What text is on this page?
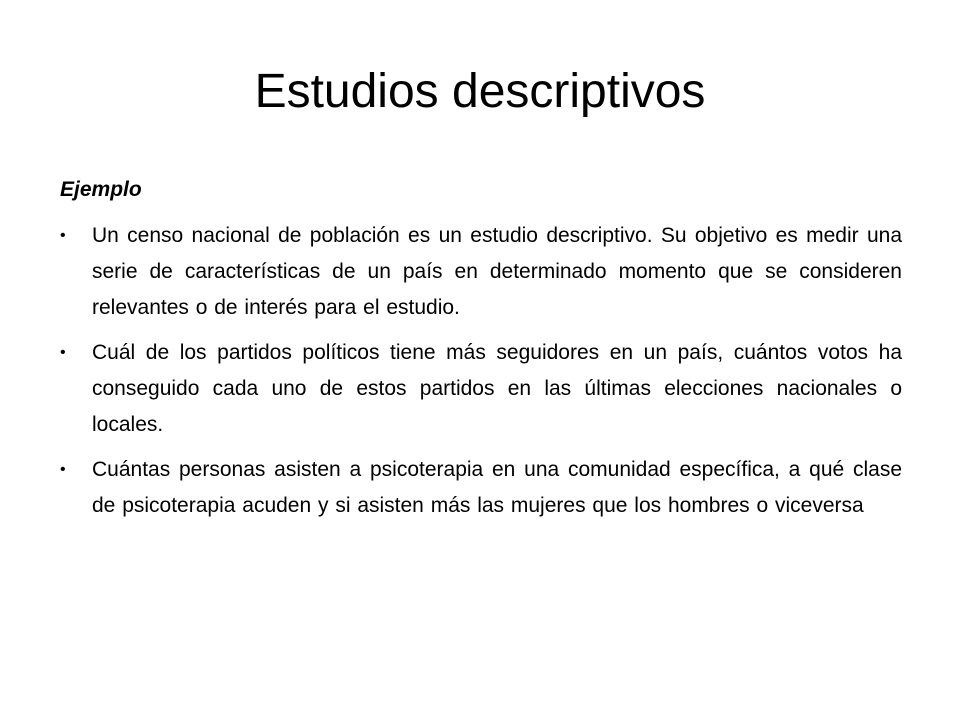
Estudios descriptivos

Ejemplo

• Un censo nacional de población es un estudio descriptivo. Su objetivo es medir una serie de características de un país en determinado momento que se consideren relevantes o de interés para el estudio.
• Cuál de los partidos políticos tiene más seguidores en un país, cuántos votos ha conseguido cada uno de estos partidos en las últimas elecciones nacionales o locales.
• Cuántas personas asisten a psicoterapia en una comunidad específica, a qué clase de psicoterapia acuden y si asisten más las mujeres que los hombres o viceversa
